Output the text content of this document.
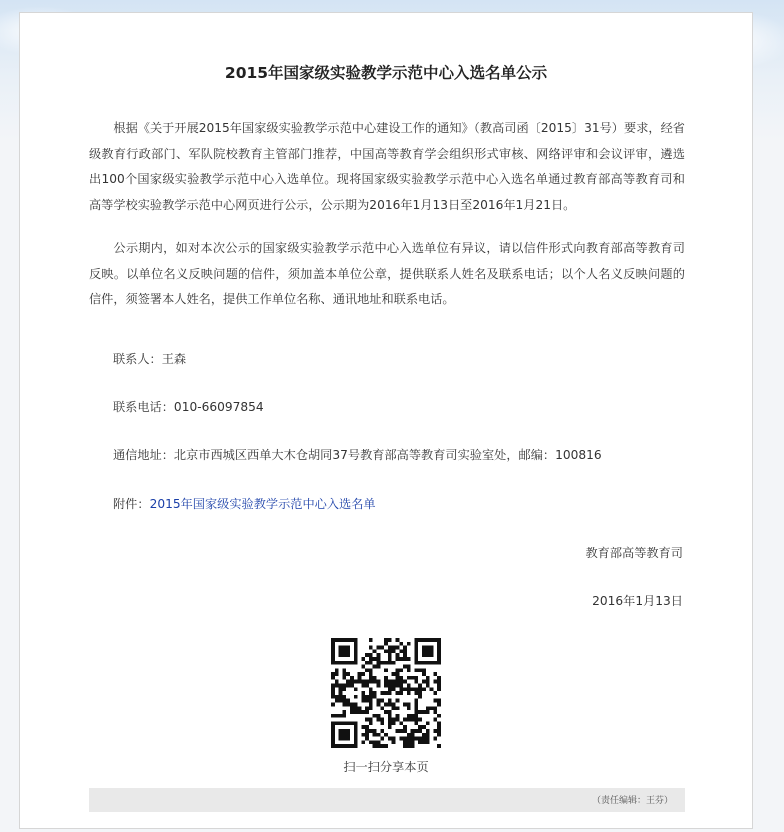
2015年国家级实验教学示范中心入选名单公示

根据《关于开展2015年国家级实验教学示范中心建设工作的通知》（教高司函〔2015〕31号）要求，经省级教育行政部门、军队院校教育主管部门推荐，中国高等教育学会组织形式审核、网络评审和会议评审，遴选出100个国家级实验教学示范中心入选单位。现将国家级实验教学示范中心入选名单通过教育部高等教育司和高等学校实验教学示范中心网页进行公示，公示期为2016年1月13日至2016年1月21日。

公示期内，如对本次公示的国家级实验教学示范中心入选单位有异议，请以信件形式向教育部高等教育司反映。以单位名义反映问题的信件，须加盖本单位公章，提供联系人姓名及联系电话；以个人名义反映问题的信件，须签署本人姓名，提供工作单位名称、通讯地址和联系电话。

联系人：王森
联系电话：010-66097854
通信地址：北京市西城区西单大木仓胡同37号教育部高等教育司实验室处，邮编：100816
附件：2015年国家级实验教学示范中心入选名单
教育部高等教育司
2016年1月13日
扫一扫分享本页
（责任编辑：王芬）
